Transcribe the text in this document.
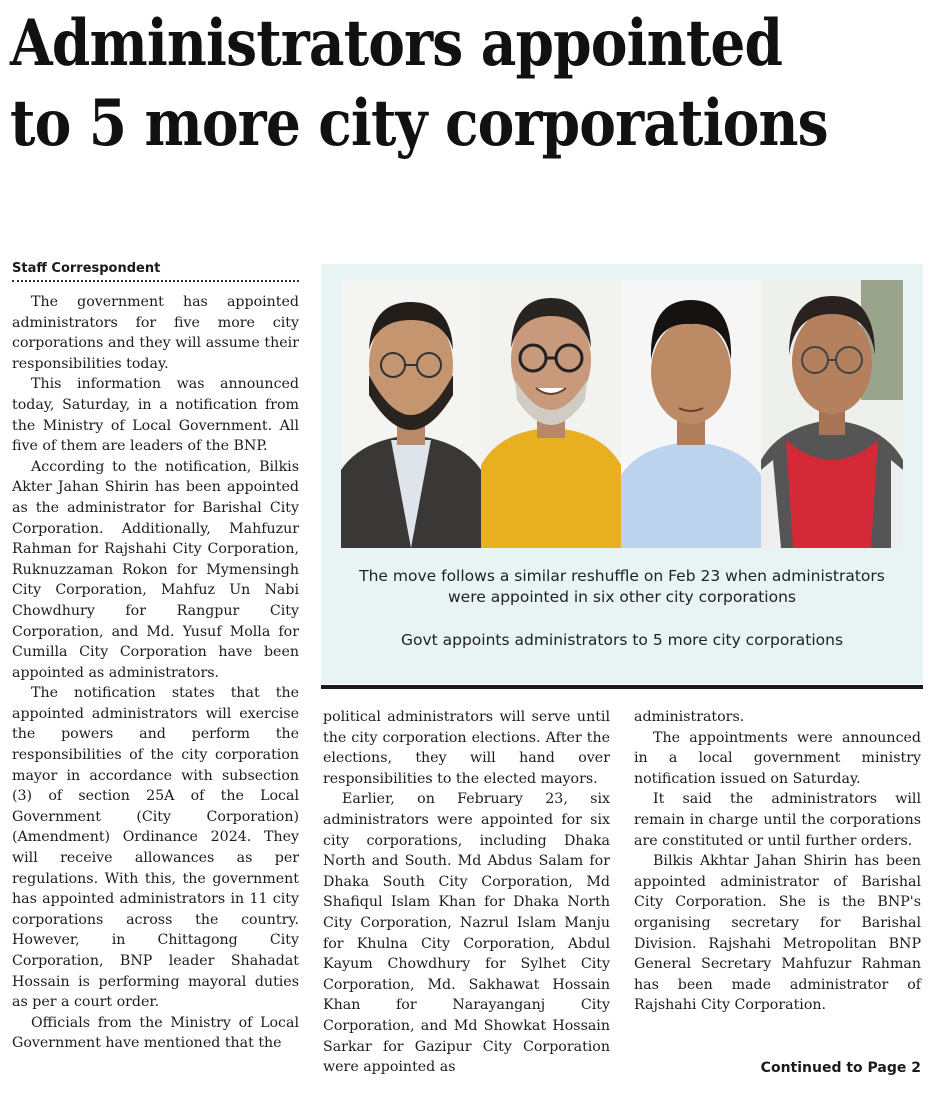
Administrators appointed
to 5 more city corporations
Staff Correspondent

The government has appointed administrators for five more city corporations and they will assume their responsibilities today.

This information was announced today, Saturday, in a notification from the Ministry of Local Government. All five of them are leaders of the BNP.

According to the notification, Bilkis Akter Jahan Shirin has been appointed as the administrator for Barishal City Corporation. Additionally, Mahfuzur Rahman for Rajshahi City Corporation, Ruknuzzaman Rokon for Mymensingh City Corporation, Mahfuz Un Nabi Chowdhury for Rangpur City Corporation, and Md. Yusuf Molla for Cumilla City Corporation have been appointed as administrators.

The notification states that the appointed administrators will exercise the powers and perform the responsibilities of the city corporation mayor in accordance with subsection (3) of section 25A of the Local Government (City Corporation) (Amendment) Ordinance 2024. They will receive allowances as per regulations. With this, the government has appointed administrators in 11 city corporations across the country. However, in Chittagong City Corporation, BNP leader Shahadat Hossain is performing mayoral duties as per a court order.

Officials from the Ministry of Local Government have mentioned that the

The move follows a similar reshuffle on Feb 23 when administrators were appointed in six other city corporations
Govt appoints administrators to 5 more city corporations

political administrators will serve until the city corporation elections. After the elections, they will hand over responsibilities to the elected mayors.

Earlier, on February 23, six administrators were appointed for six city corporations, including Dhaka North and South. Md Abdus Salam for Dhaka South City Corporation, Md Shafiqul Islam Khan for Dhaka North City Corporation, Nazrul Islam Manju for Khulna City Corporation, Abdul Kayum Chowdhury for Sylhet City Corporation, Md. Sakhawat Hossain Khan for Narayanganj City Corporation, and Md Showkat Hossain Sarkar for Gazipur City Corporation were appointed as

administrators.

The appointments were announced in a local government ministry notification issued on Saturday.

It said the administrators will remain in charge until the corporations are constituted or until further orders.

Bilkis Akhtar Jahan Shirin has been appointed administrator of Barishal City Corporation. She is the BNP's organising secretary for Barishal Division. Rajshahi Metropolitan BNP General Secretary Mahfuzur Rahman has been made administrator of Rajshahi City Corporation.

Continued to Page 2
